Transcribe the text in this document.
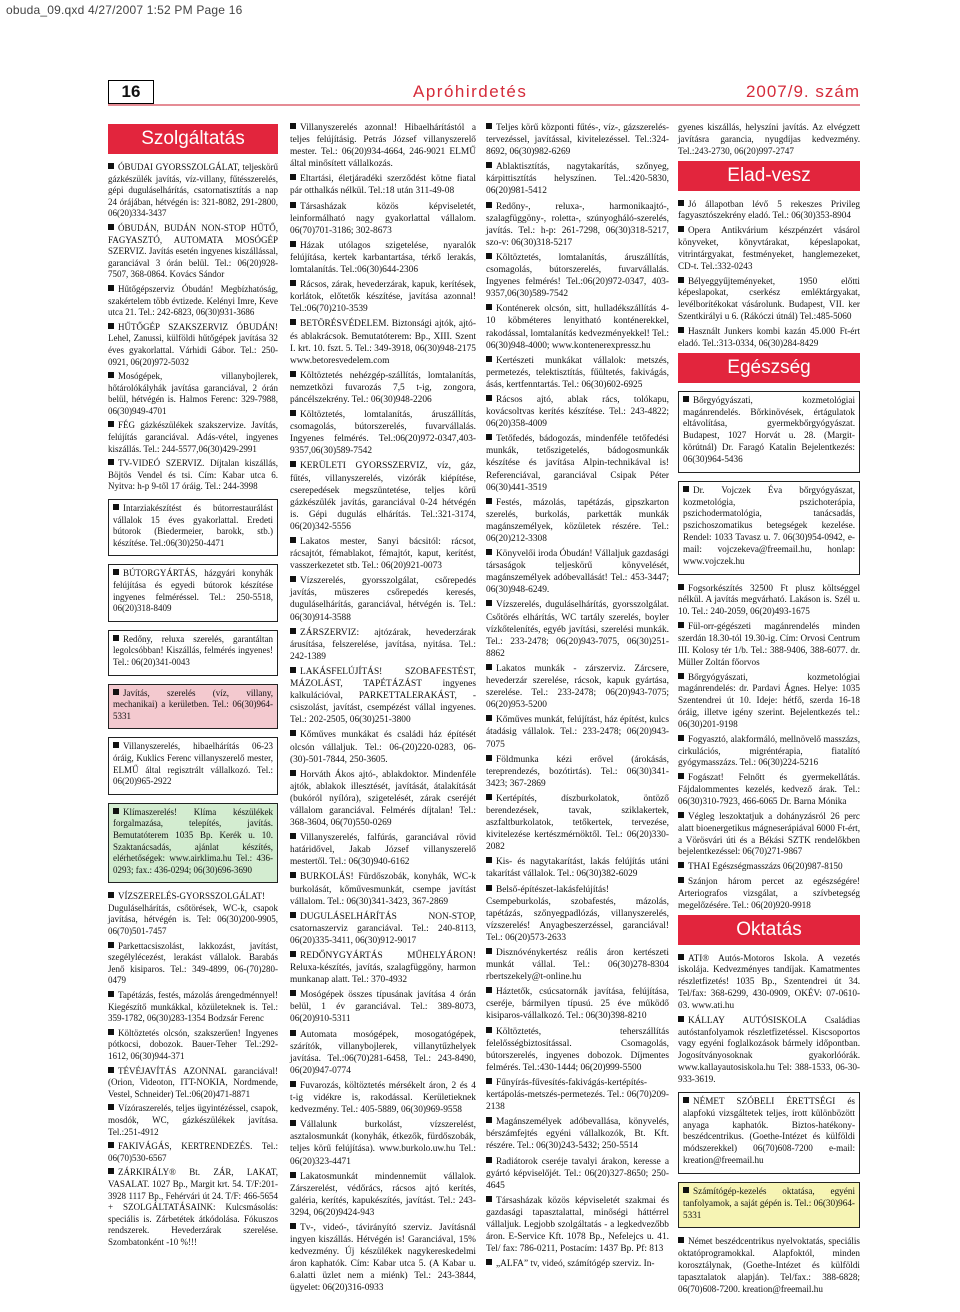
obuda_09.qxd 4/27/2007 1:52 PM Page 16
16	Apróhirdetés	2007/9. szám
Szolgáltatás

ÓBUDAI GYORSSZOLGÁLAT, teljeskörű gázkészülék javítás, víz-villany, fűtésszerelés, gépi duguláselhárítás, csatornatisztítás a nap 24 órájában, hétvégén is: 321-8082, 291-2800, 06(20)334-3437

ÓBUDÁN, BUDÁN NON-STOP HŰTŐ, FAGYASZTÓ, AUTOMATA MOSÓGÉP SZERVIZ. Javítás esetén ingyenes kiszállással, garanciával 3 órán belül. Tel.: 06(20)928-7507, 368-0864. Kovács Sándor

Hűtőgépszerviz Óbudán! Megbízhatóság, szakértelem több évtizede. Kelényi Imre, Keve utca 21. Tel.: 242-6823, 06(30)931-3686

HŰTŐGÉP SZAKSZERVIZ ÓBUDÁN! Lehel, Zanussi, külföldi hűtőgépek javítása 32 éves gyakorlattal. Várhidi Gábor. Tel.: 250-0921, 06(20)972-5032

Mosógépek, villanybojlerek, hőtárolókályhák javítása garanciával, 2 órán belül, hétvégén is. Halmos Ferenc: 329-7988, 06(30)949-4701

FÉG gázkészülékek szakszervize. Javítás, felújítás garanciával. Adás-vétel, ingyenes kiszállás. Tel.: 244-5577,06(30)429-2991

TV-VIDEÓ SZERVIZ. Díjtalan kiszállás, Böjtös Vendel és tsi. Cím: Kabar utca 6. Nyitva: h-p 9-től 17 óráig. Tel.: 244-3998

Intarziakészítést és bútorrestaurálást vállalok 15 éves gyakorlattal. Eredeti bútorok (Biedermeier, barokk, stb.) készítése. Tel.:06(30)250-4471

BÚTORGYÁRTÁS, házgyári konyhák felújítása és egyedi bútorok készítése ingyenes felméréssel. Tel.: 250-5518, 06(20)318-8409

Redőny, reluxa szerelés, garantáltan legolcsóbban! Kiszállás, felmérés ingyenes! Tel.: 06(20)341-0043

Javítás, szerelés (víz, villany, mechanikai) a kerületben. Tel.: 06(30)964-5331

Villanyszerelés, hibaelhárítás 06-23 óráig, Kuklics Ferenc villanyszerelő mester, ELMŰ által regisztrált vállalkozó. Tel.: 06(20)965-2922

Klímaszerelés! Klíma készülékek forgalmazása, telepítés, javítás. Bemutatóterem 1035 Bp. Kerék u. 10. Szaktanácsadás, ajánlat készítés, elérhetőségek: www.airklima.hu Tel.: 436-0293; fax.: 436-0294; 06(30)696-3690

VÍZSZERELÉS-GYORSSZOLGÁLAT! Duguláselhárítás, csőtörések, WC-k, csapok javítása, hétvégén is. Tel: 06(30)200-9905, 06(70)501-7457

Parkettacsiszolást, lakkozást, javítást, szegélylécezést, lerakást vállalok. Barabás Jenő kisiparos. Tel.: 349-4899, 06-(70)280-0479

Tapétázás, festés, mázolás árengedménnyel! Kiegészítő munkákkal, közületeknek is. Tel.: 359-1782, 06(30)283-1354 Bodzsár Ferenc

Költöztetés olcsón, szakszerűen! Ingyenes pótkocsi, dobozok. Bauer-Teher Tel.:292-1612, 06(30)944-371

TÉVÉJAVÍTÁS AZONNAL garanciával! (Orion, Videoton, ITT-NOKIA, Nordmende, Vestel, Schneider) Tel.:06(20)471-8871

Vízóraszerelés, teljes ügyintézéssel, csapok, mosdók, WC, gázkészülékek javítása. Tel.:251-4912

FAKIVÁGÁS, KERTRENDEZÉS. Tel.: 06(70)530-6567

ZÁRKIRÁLY® Bt. ZÁR, LAKAT, VASALAT. 1027 Bp., Margit krt. 54. T/F:201-3928 1117 Bp., Fehérvári út 24. T/F: 466-5654 + SZOLGÁLTATÁSAINK: Kulcsmásolás: speciális is. Zárbetétek átkódolása. Fókuszos rendszerek. Hevederzárak szerelése. Szombatonként -10 %!!!

Villanyszerelés azonnal! Hibaelhárítástól a teljes felújításig. Petrás József villanyszerelő mester. Tel.: 06(20)934-4664, 246-9021 ELMŰ által minősített vállalkozás.

Eltartási, életjáradéki szerződést kötne fiatal pár otthalkás nélkül. Tel.:18 után 311-49-08

Társasházak közös képviseletét, leinformálható nagy gyakorlattal vállalom. 06(70)701-3186; 302-8673

Házak utólagos szigetelése, nyaralók felújítása, kertek karbantartása, térkő lerakás, lomtalanítás. Tel.:06(30)644-2306

Rácsos, zárak, hevederzárak, kapuk, kerítések, korlátok, előtetők készítése, javítása azonnal! Tel.:06(70)210-3539

BETÖRÉSVÉDELEM. Biztonsági ajtók, ajtó- és ablakrácsok. Bemutatóterem: Bp., XIII. Szent I. krt. 10. fszt. 5. Tel.: 349-3918, 06(30)948-2175 www.betoresvedelem.com

Költöztetés nehézgép-szállítás, lomtalanítás, nemzetközi fuvarozás 7,5 t-ig, zongora, páncélszekrény. Tel.: 06(30)948-2206

Költöztetés, lomtalanítás, áruszállítás, csomagolás, bútorszerelés, fuvarvállalás. Ingyenes felmérés. Tel.:06(20)972-0347,403-9357,06(30)589-7542

KERÜLETI GYORSSZERVIZ, víz, gáz, fűtés, villanyszerelés, vizórák kiépítése, cserepedések megszüntetése, teljes körű gázkészülék javítás, garanciával 0-24 hétvégén is. Gépi dugulás elhárítás. Tel.:321-3174, 06(20)342-5556

Lakatos mester, Sanyi bácsitól: rácsot, rácsajtót, fémablakot, fémajtót, kaput, kerítést, vasszerkezetet stb. Tel.: 06(20)921-0073

Vízszerelés, gyorsszolgálat, csőrepedés javítás, müszeres csőrepedés keresés, duguláselhárítás, garanciával, hétvégén is. Tel.: 06(30)914-3588

ZÁRSZERVIZ: ajtózárak, hevederzárak árusítása, felszerelése, javítása, nyitása. Tel.: 242-1389

LAKÁSFELÚJÍTÁS! SZOBAFESTÉST, MÁZOLÁST, TAPÉTÁZÁST ingyenes kalkulációval, PARKETTALERAKÁST, -csiszolást, javítást, csempézést vállal ingyenes. Tel.: 202-2505, 06(30)251-3800

Kőműves munkákat és családi ház építését olcsón vállaljuk. Tel.: 06-(20)220-0283, 06-(30)-501-7844, 250-3605.

Horváth Ákos ajtó-, ablakdoktor. Mindenféle ajtók, ablakok illesztését, javítását, átalakítását (bukóról nyílóra), szigetelését, zárak cseréjét vállalom garanciával. Felmérés díjtalan! Tel.: 368-3604, 06(70)550-0269

Villanyszerelés, falfúrás, garanciával rövid határidővel, Jakab József villanyszerelő mestertől. Tel.: 06(30)940-6162

BURKOLÁS! Fürdőszobák, konyhák, WC-k burkolását, kőművesmunkát, csempe javítást vállalom. Tel.: 06(30)341-3423, 367-2869

DUGULÁSELHÁRÍTÁS NON-STOP, csatornaszerviz garanciával. Tel.: 240-8113, 06(20)335-3411, 06(30)912-9017

REDŐNYGYÁRTÁS MŰHELYÁRON! Reluxa-készítés, javítás, szalagfüggöny, harmon munkanap alatt. Tel.: 370-4932

Mosógépek összes típusának javítása 4 órán belül, 1 év garanciával. Tel.: 389-8073, 06(20)910-5311

Automata mosógépek, mosogatógépek, szárítók, villanybojlerek, villanytűzhelyek javítása. Tel.:06(70)281-6458, Tel.: 243-8490, 06(20)947-0774

Fuvarozás, költöztetés mérsékelt áron, 2 és 4 t-ig vidékre is, rakodással. Kerületieknek kedvezmény. Tel.: 405-5889, 06(30)969-9558

Vállalunk burkolást, vízszerelést, asztalosmunkát (konyhák, étkezők, fürdőszobák, teljes körű felújítása). www.burkolo.uw.hu Tel.: 06(20)323-4471

Lakatosmunkát mindennemüt vállalok. Zárszerelést, védőrács, rácsos ajtó kerítés, galéria, kerítés, kapukészítés, javítást. Tel.: 243-3294, 06(20)9424-943

Tv-, videó-, távirányító szerviz. Javításnál ingyen kiszállás. Hétvégén is! Garanciával, 15% kedvezmény. Új készülékek nagykereskedelmi áron kaphatók. Cím: Kabar utca 5. (A Kabar u. 6.alatti üzlet nem a miénk) Tel.: 243-3844, ügyelet: 06(20)316-0933

Teljes körű központi fűtés-, víz-, gázszerelés-tervezéssel, javítással, kivitelezéssel. Tel.:324-8692, 06(30)982-6269

Ablaktisztítás, nagytakarítás, szőnyeg, kárpittisztítás helyszínen. Tel.:420-5830, 06(20)981-5412

Redőny-, reluxa-, harmonikaajtó-, szalagfüggöny-, roletta-, szúnyogháló-szerelés, javítás. Tel.: h-p: 261-7298, 06(30)318-5217, szo-v: 06(30)318-5217

Költöztetés, lomtalanítás, áruszállítás, csomagolás, bútorszerelés, fuvarvállalás. Ingyenes felmérés! Tel.:06(20)972-0347, 403-9357,06(30)589-7542

Konténerek olcsón, sitt, hulladékszállítás 4-10 köbméteres lenyitható konténerekkel, rakodással, lomtalanítás kedvezményekkel! Tel.: 06(30)948-4000; www.kontenerexpressz.hu

Kertészeti munkákat vállalok: metszés, permetezés, telektisztítás, fűültetés, fakivágás, ásás, kertfenntartás. Tel.: 06(30)602-6925

Rácsos ajtó, ablak rács, tolókapu, kovácsoltvas kerítés készítése. Tel.: 243-4822; 06(20)358-4009

Tetőfedés, bádogozás, mindenféle tetőfedési munkák, tetőszigetelés, bádogosmunkák készítése és javítása Alpin-technikával is! Referenciával, garanciával Csipak Péter 06(30)441-3519

Festés, mázolás, tapétázás, gipszkarton szerelés, burkolás, parketták munkák magánszemélyek, közületek részére. Tel.: 06(20)212-3308

Könyvelői iroda Óbudán! Vállaljuk gazdasági társaságok teljeskörű könyvelését, magánszemélyek adóbevallását! Tel.: 453-3447; 06(30)948-6249.

Vízszerelés, duguláselhárítás, gyorsszolgálat. Csőtörés elhárítás, WC tartály szerelés, boyler vízkőtelenítés, egyéb javítási, szerelési munkák. Tel.: 233-2478; 06(20)943-7075, 06(30)251-8862

Lakatos munkák - zárszerviz. Zárcsere, hevederzár szerelése, rácsok, kapuk gyártása, szerelése. Tel.: 233-2478; 06(20)943-7075; 06(20)953-5200

Kőműves munkát, felújítást, ház építést, kulcs átadásig vállalok. Tel.: 233-2478; 06(20)943-7075

Földmunka kézi erővel (árokásás, tereprendezés, bozótirtás). Tel.: 06(30)341-3423; 367-2869

Kertépítés, díszburkolatok, öntöző berendezések, tavak, sziklakertek, aszfaltburkolatok, tetőkertek, tervezése, kivitelezése kertészmérnöktől. Tel.: 06(20)330-2082

Kis- és nagytakarítást, lakás felújítás utáni takarítást vállalok. Tel.: 06(30)382-6029

Belső-építészet-lakásfelújítás! Csempeburkolás, szobafestés, mázolás, tapétázás, szőnyegpadlózás, villanyszerelés, vízszerelés! Anyagbeszerzéssel, garanciával! Tel.: 06(20)573-2633

Disznóvénykertész reális áron kertészeti munkát vállal. Tel.: 06(30)278-8304 rbertszekely@t-online.hu

Háztetők, csúcsatornák javítása, felújítása, cseréje, bármilyen típusú. 25 éve működő kisiparos-vállalkozó. Tel.: 06(30)398-8210

Költöztetés, teherszállítás felelősségbiztosítással. Csomagolás, bútorszerelés, ingyenes dobozok. Díjmentes felmérés. Tel.:430-1444; 06(20)999-5500

Fűnyírás-fűvesítés-fakivágás-kertépítés-kertápolás-metszés-permetezés. Tel.: 06(70)209-2138

Magánszemélyek adóbevallása, könyvelés, bérszámfejtés egyéni vállalkozók, Bt. Kft. részére. Tel.: 06(30)243-5432; 250-5514

Radiátorok cseréje tavalyi árakon, keresse a gyártó képviselőjét. Tel.: 06(20)327-8650; 250-4645

Társasházak közös képviseletét szakmai és gazdasági tapasztalattal, minőségi háttérrel vállaljuk. Legjobb szolgáltatás - a legkedvezőbb áron. E-Service Kft. 1078 Bp., Nefelejcs u. 41. Tel/ fax: 786-0211, Postacím: 1437 Bp. Pf: 813

„ALFA” tv, videó, számítógép szerviz. In-

gyenes kiszállás, helyszíni javítás. Az elvégzett javításra garancia, nyugdíjas kedvezmény. Tel.:243-2730, 06(20)997-2747

Elad-vesz

Jó állapotban lévő 5 rekeszes Privileg fagyasztószekrény eladó. Tel.: 06(30)353-8904

Opera Antikvárium készpénzért vásárol könyveket, könyvtárakat, képeslapokat, vitrintárgyakat, festményeket, hanglemezeket, CD-t. Tel.:332-0243

Bélyeggyűjteményeket, 1950 előtti képeslapokat, cserkész emléktárgyakat, levélborítékokat vásárolunk. Budapest, VII. ker Szentkirályi u 6. (Rákóczi útnál) Tel.:485-5060

Használt Junkers kombi kazán 45.000 Ft-ért eladó. Tel.:313-0334, 06(30)284-8429

Egészség

Bőrgyógyászati, kozmetológiai magánrendelés. Bőrkinövések, értágulatok eltávolítása, gyermekbőrgyógyászat. Budapest, 1027 Horvát u. 28. (Margit-körútnál) Dr. Faragó Katalin Bejelentkezés: 06(30)964-5436

Dr. Vojczek Éva bőrgyógyászat, kozmetológia, pszichoterápia, pszichodermatológia, tanácsadás, pszichoszomatikus betegségek kezelése. Rendel: 1033 Tavasz u. 7. 06(30)954-0942, e-mail: vojczekeva@freemail.hu, honlap: www.vojczek.hu

Fogsorkészítés 32500 Ft plusz költséggel nélkül. A javítás megvárható. Lakáson is. Szél u. 10. Tel.: 240-2059, 06(20)493-1675

Fül-orr-gégészeti magánrendelés minden szerdán 18.30-tól 19.30-ig. Cím: Orvosi Centrum III. Kolosy tér 1/b. Tel.: 388-9406, 388-6077. dr. Müller Zoltán főorvos

Bőrgyógyászati, kozmetológiai magánrendelés: dr. Pardavi Ágnes. Helye: 1035 Szentendrei út 10. Ideje: hétfő, szerda 16-18 óráig, illetve igény szerint. Bejelentkezés tel.: 06(30)201-9198

Fogyasztó, alakformáló, mellnövelő masszázs, cirkulációs, migréntérapia, fiatalító gyógymasszázs. Tel.: 06(30)224-5216

Fogászat! Felnőtt és gyermekellátás. Fájdalommentes kezelés, kedvező árak. Tel.: 06(30)310-7923, 466-6065 Dr. Barna Mónika

Végleg leszoktatjuk a dohányzásról 26 perc alatt bioenergetikus mágneserápiával 6000 Ft-ért, a Vörösvári úti és a Békási SZTK rendelőkben bejelentkezéssel: 06(70)271-9867

THAI Egészségmasszázs 06(20)987-8150

Szánjon három percet az egészségére! Arteriografos vizsgálat, a szívbetegség megelőzésére. Tel.: 06(20)920-9918

Oktatás

ATI® Autós-Motoros Iskola. A vezetés iskolája. Kedvezményes tandíjak. Kamatmentes részletfizetés! 1035 Bp., Szentendrei út 34. Tel/fax: 368-6299, 430-0909, OKÉV: 07-0610-03. www.ati.hu

KÁLLAY AUTÓSISKOLA Családias autóstanfolyamok részletfizetéssel. Kiscsoportos vagy egyéni foglalkozások bármely időpontban. Jogosítványosoknak gyakorlóórák. www.kallayautosiskola.hu Tel: 388-1533, 06-30-933-3619.

NÉMET SZÓBELI ÉRETTSÉGI és alapfokú vizsgáltetek teljes, írott különbözött anyaga kaphatók. Biztos-hatékony-beszédcentrikus. (Goethe-Intézet és külföldi módszerekkel) 06(70)608-7200 e-mail: kreation@freemail.hu

Számítógép-kezelés oktatása, egyéni tanfolyamok, a saját gépén is. Tel.: 06(30)964-5331

Német beszédcentrikus nyelvoktatás, speciális oktatóprogramokkal. Alapfoktól, minden korosztálynak, (Goethe-Intézet és külföldi tapasztalatok alapján). Tel/fax.: 388-6828; 06(70)608-7200. kreation@freemail.hu
